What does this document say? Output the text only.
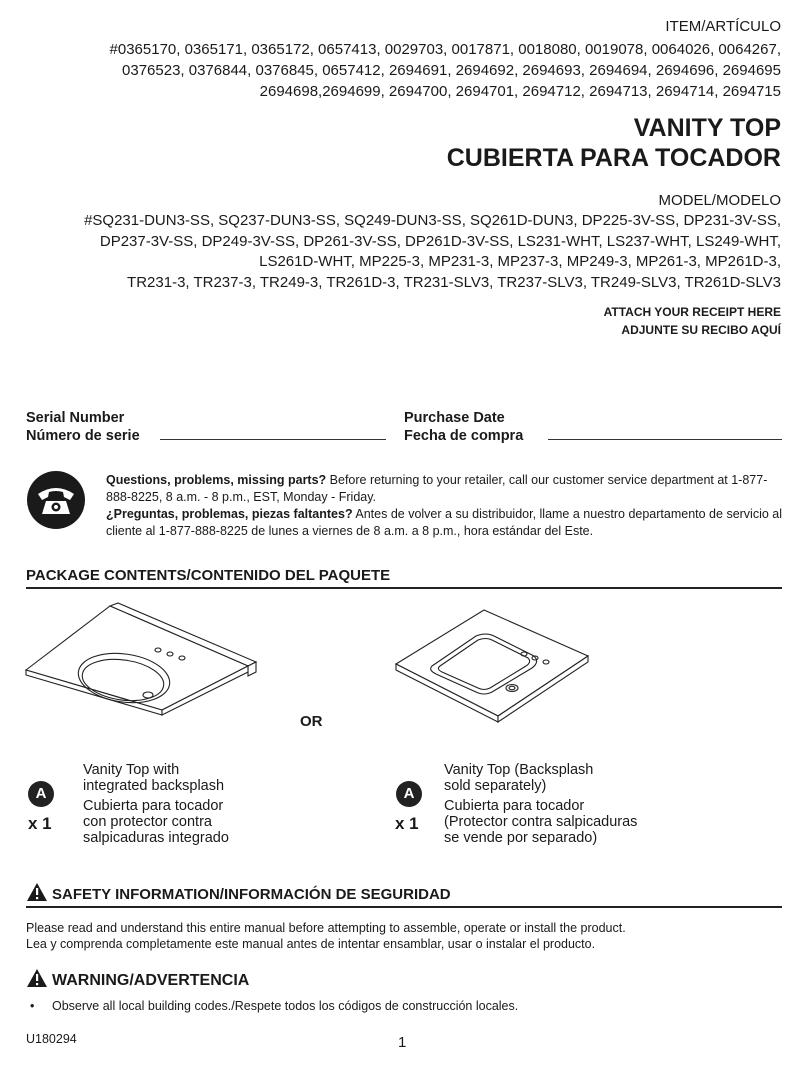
ITEM/ARTÍCULO
#0365170, 0365171, 0365172, 0657413, 0029703, 0017871, 0018080, 0019078, 0064026, 0064267,
0376523, 0376844, 0376845, 0657412, 2694691, 2694692, 2694693, 2694694, 2694696, 2694695
2694698,2694699, 2694700, 2694701, 2694712, 2694713, 2694714, 2694715
VANITY TOP
CUBIERTA PARA TOCADOR
MODEL/MODELO
#SQ231-DUN3-SS, SQ237-DUN3-SS, SQ249-DUN3-SS, SQ261D-DUN3, DP225-3V-SS, DP231-3V-SS,
DP237-3V-SS, DP249-3V-SS, DP261-3V-SS, DP261D-3V-SS, LS231-WHT, LS237-WHT, LS249-WHT,
LS261D-WHT, MP225-3, MP231-3, MP237-3, MP249-3, MP261-3, MP261D-3,
TR231-3, TR237-3, TR249-3, TR261D-3, TR231-SLV3, TR237-SLV3, TR249-SLV3, TR261D-SLV3
ATTACH YOUR RECEIPT HERE
ADJUNTE SU RECIBO AQUÍ
Serial Number
Número de serie
Purchase Date
Fecha de compra
Questions, problems, missing parts? Before returning to your retailer, call our customer service department at 1-877-888-8225, 8 a.m. - 8 p.m., EST, Monday - Friday.
¿Preguntas, problemas, piezas faltantes? Antes de volver a su distribuidor, llame a nuestro departamento de servicio al cliente al 1-877-888-8225 de lunes a viernes de 8 a.m. a 8 p.m., hora estándar del Este.
PACKAGE CONTENTS/CONTENIDO DEL PAQUETE
OR
A
x 1
Vanity Top with
integrated backsplash
Cubierta para tocador
con protector contra
salpicaduras integrado
A
x 1
Vanity Top (Backsplash
sold separately)
Cubierta para tocador
(Protector contra salpicaduras
se vende por separado)
SAFETY INFORMATION/INFORMACIÓN DE SEGURIDAD
Please read and understand this entire manual before attempting to assemble, operate or install the product.
Lea y comprenda completamente este manual antes de intentar ensamblar, usar o instalar el producto.
WARNING/ADVERTENCIA
• Observe all local building codes./Respete todos los códigos de construcción locales.
U180294	1
